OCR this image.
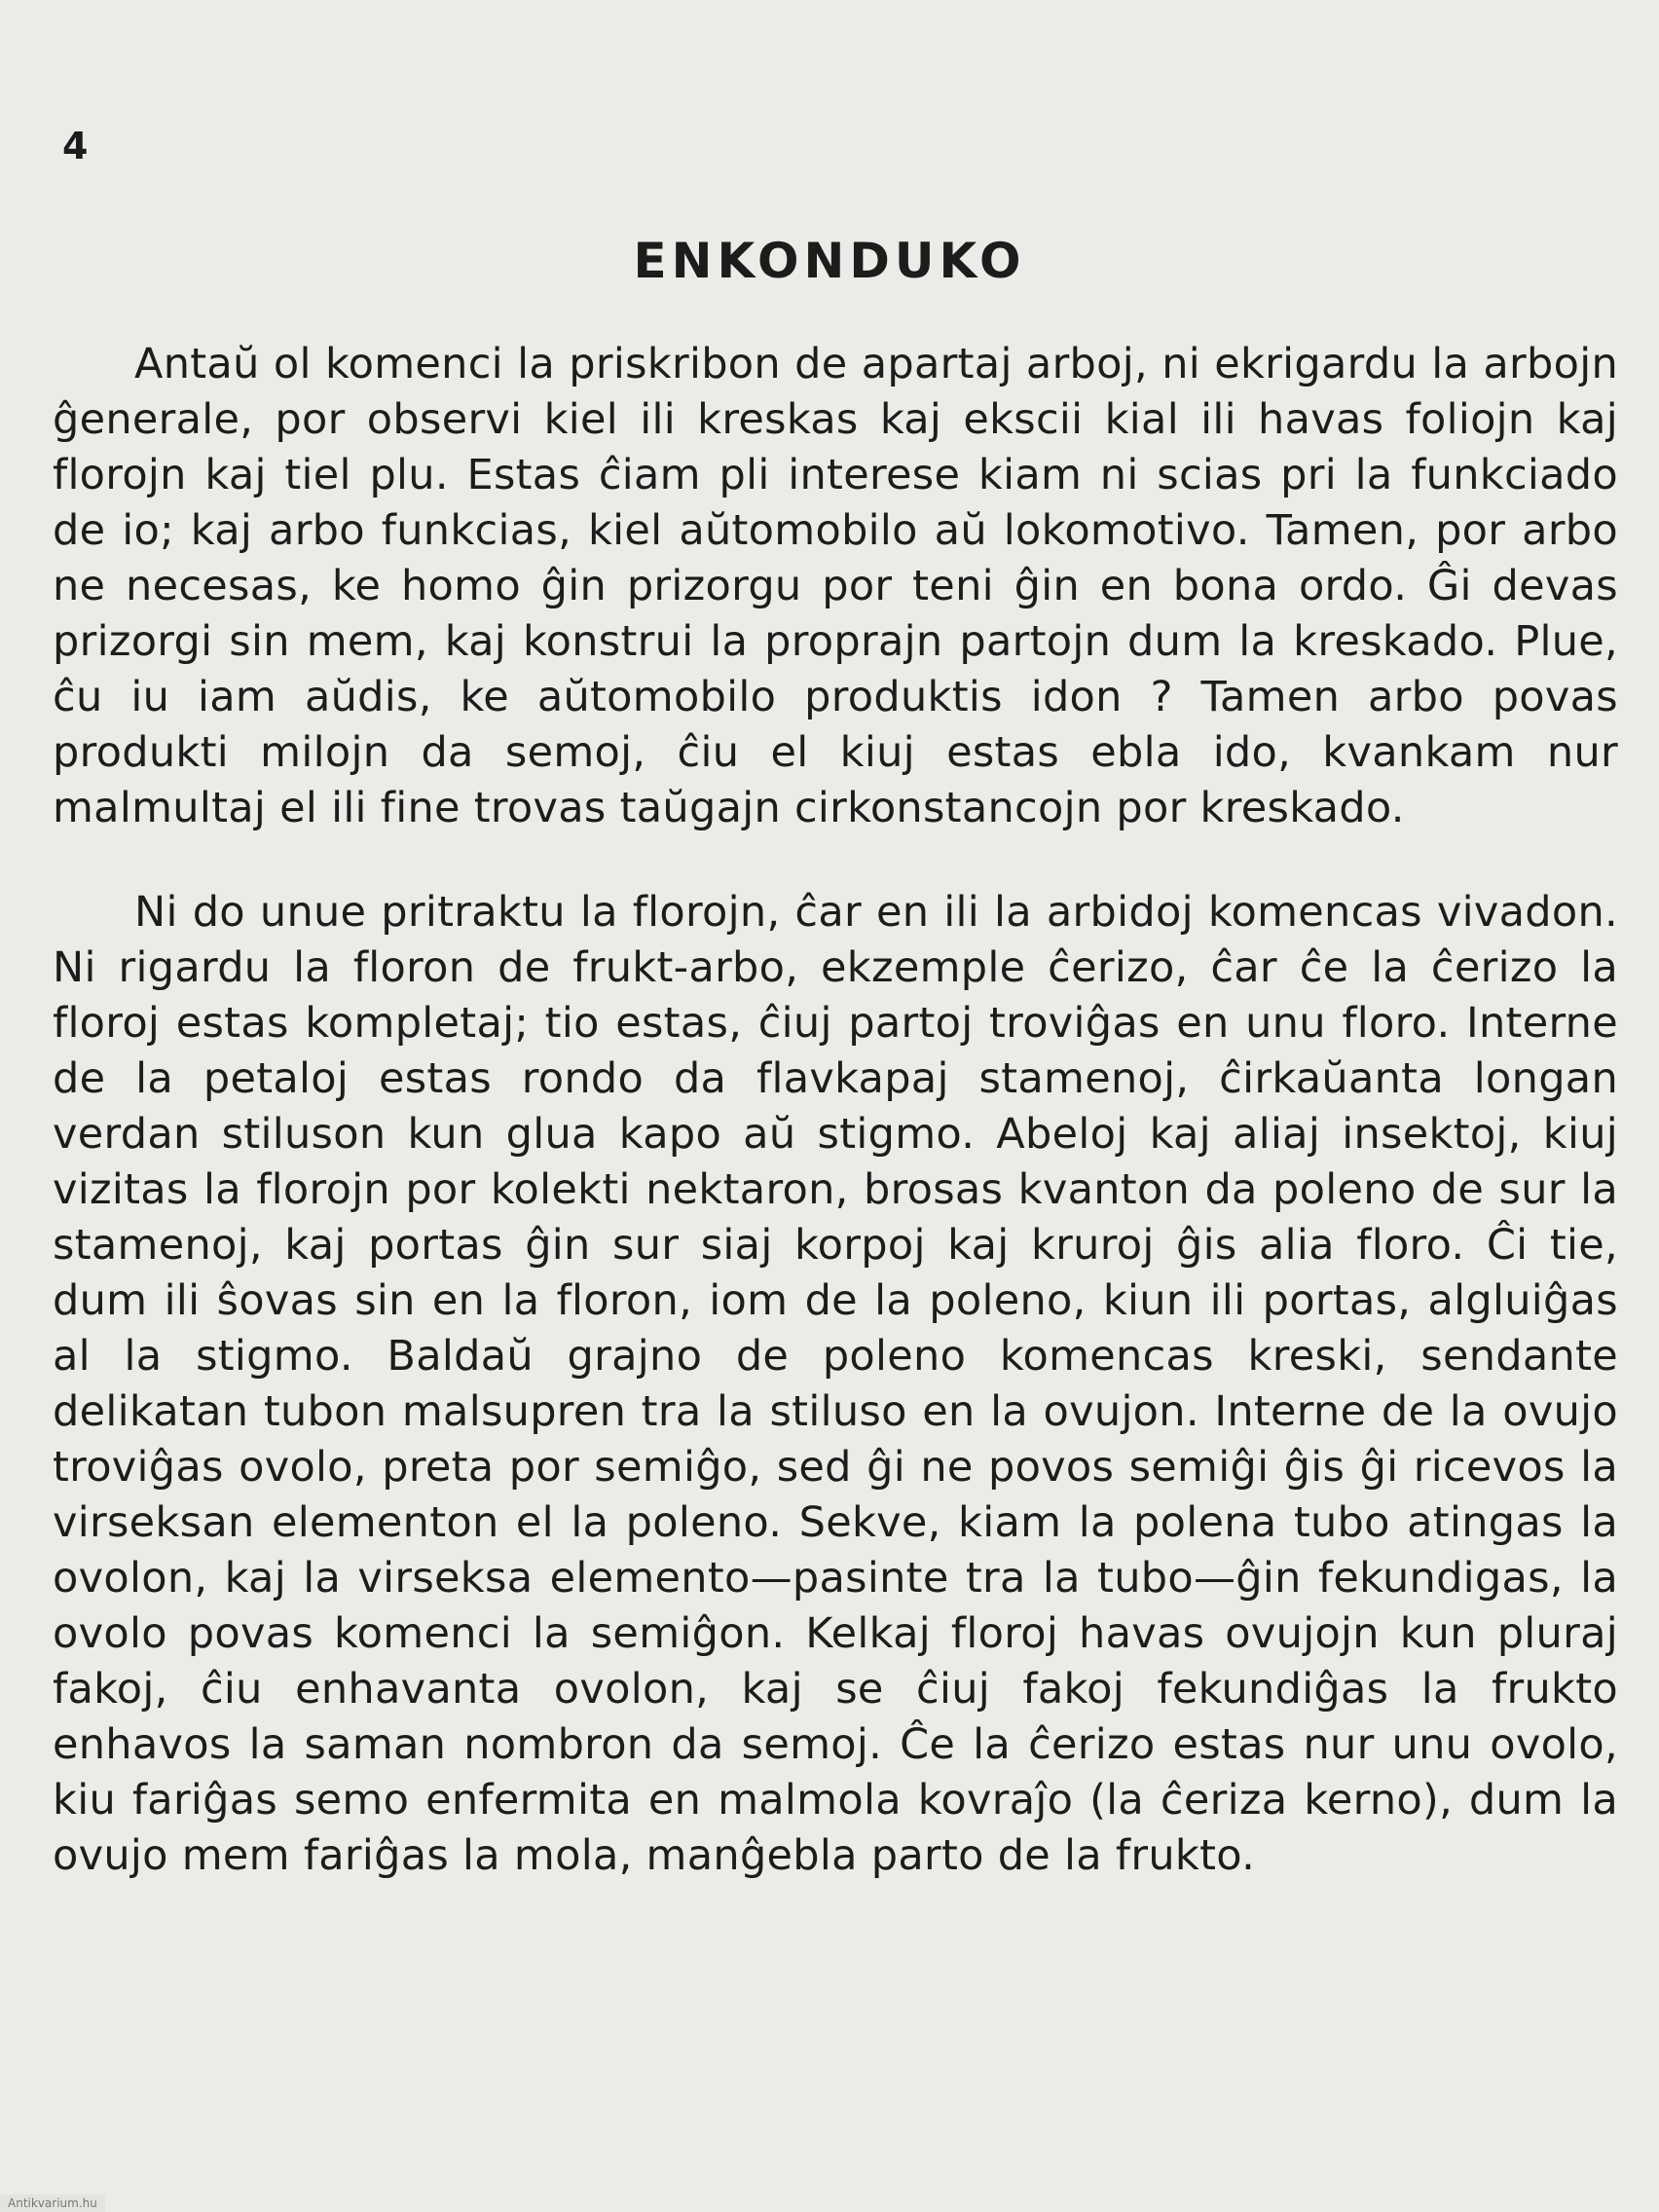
4
ENKONDUKO

Antaŭ ol komenci la priskribon de apartaj arboj, ni ekrigardu la arbojn ĝenerale, por observi kiel ili kreskas kaj ekscii kial ili havas foliojn kaj florojn kaj tiel plu. Estas ĉiam pli interese kiam ni scias pri la funkciado de io; kaj arbo funkcias, kiel aŭtomobilo aŭ lokomotivo. Tamen, por arbo ne necesas, ke homo ĝin prizorgu por teni ĝin en bona ordo. Ĝi devas prizorgi sin mem, kaj konstrui la proprajn partojn dum la kreskado. Plue, ĉu iu iam aŭdis, ke aŭtomobilo produktis idon ? Tamen arbo povas produkti milojn da semoj, ĉiu el kiuj estas ebla ido, kvankam nur malmultaj el ili fine trovas taŭgajn cirkonstancojn por kreskado.

Ni do unue pritraktu la florojn, ĉar en ili la arbidoj komencas vivadon. Ni rigardu la floron de frukt-arbo, ekzemple ĉerizo, ĉar ĉe la ĉerizo la floroj estas kompletaj; tio estas, ĉiuj partoj troviĝas en unu floro. Interne de la petaloj estas rondo da flavkapaj stamenoj, ĉirkaŭanta longan verdan stiluson kun glua kapo aŭ stigmo. Abeloj kaj aliaj insektoj, kiuj vizitas la florojn por kolekti nektaron, brosas kvanton da poleno de sur la stamenoj, kaj portas ĝin sur siaj korpoj kaj kruroj ĝis alia floro. Ĉi tie, dum ili ŝovas sin en la floron, iom de la poleno, kiun ili portas, algluiĝas al la stigmo. Baldaŭ grajno de poleno komencas kreski, sendante delikatan tubon malsupren tra la stiluso en la ovujon. Interne de la ovujo troviĝas ovolo, preta por semiĝo, sed ĝi ne povos semiĝi ĝis ĝi ricevos la virseksan elementon el la poleno. Sekve, kiam la polena tubo atingas la ovolon, kaj la virseksa elemento—pasinte tra la tubo—ĝin fekundigas, la ovolo povas komenci la semiĝon. Kelkaj floroj havas ovujojn kun pluraj fakoj, ĉiu enhavanta ovolon, kaj se ĉiuj fakoj fekundiĝas la frukto enhavos la saman nombron da semoj. Ĉe la ĉerizo estas nur unu ovolo, kiu fariĝas semo enfermita en malmola kovraĵo (la ĉeriza kerno), dum la ovujo mem fariĝas la mola, manĝebla parto de la frukto.

Antikvarium.hu
